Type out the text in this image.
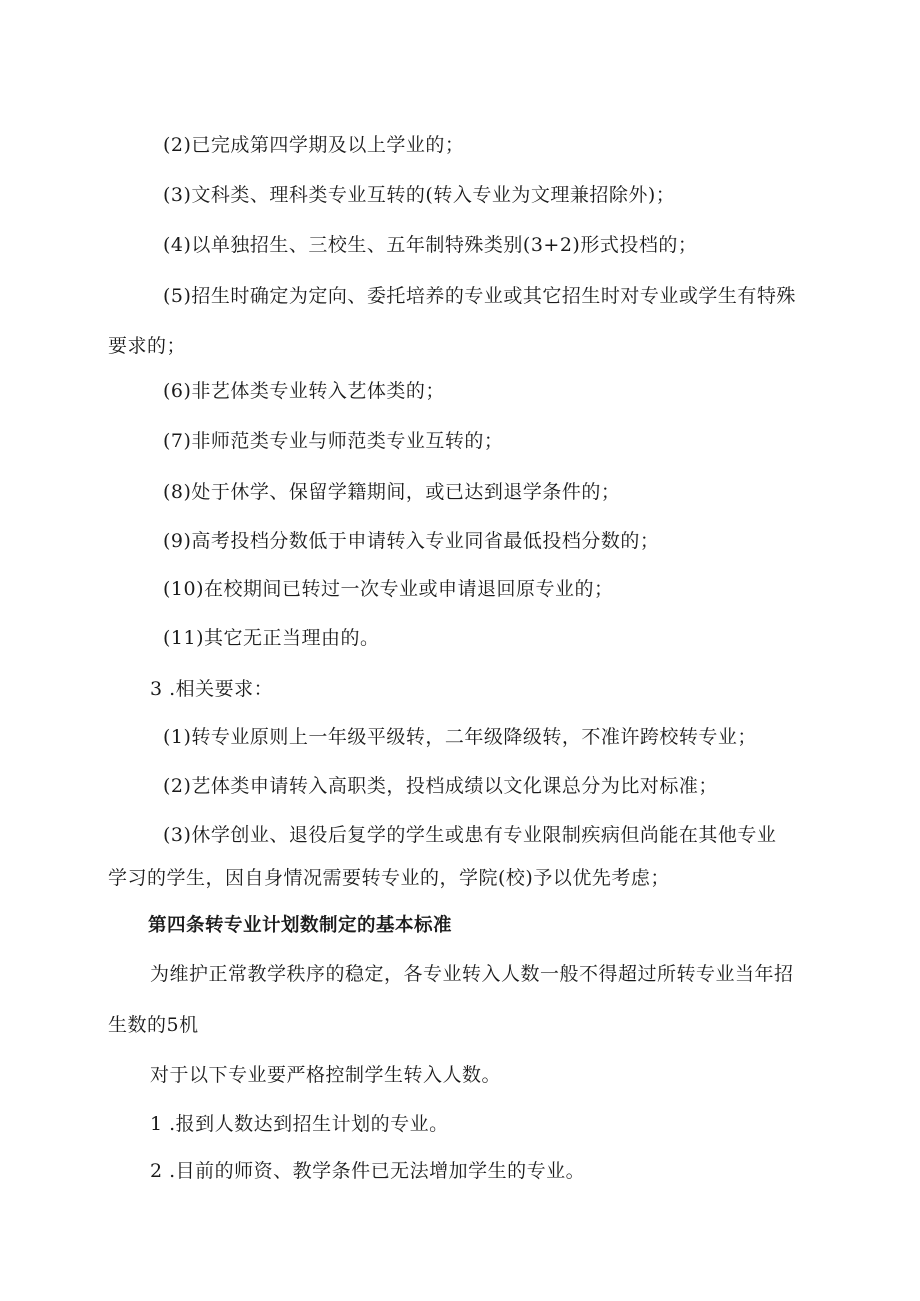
(2)已完成第四学期及以上学业的；
(3)文科类、理科类专业互转的(转入专业为文理兼招除外)；
(4)以单独招生、三校生、五年制特殊类别(3+2)形式投档的；
(5)招生时确定为定向、委托培养的专业或其它招生时对专业或学生有特殊
要求的；
(6)非艺体类专业转入艺体类的；
(7)非师范类专业与师范类专业互转的；
(8)处于休学、保留学籍期间，或已达到退学条件的；
(9)高考投档分数低于申请转入专业同省最低投档分数的；
(10)在校期间已转过一次专业或申请退回原专业的；
(11)其它无正当理由的。
3 .相关要求：
(1)转专业原则上一年级平级转，二年级降级转，不准许跨校转专业；
(2)艺体类申请转入高职类，投档成绩以文化课总分为比对标准；
(3)休学创业、退役后复学的学生或患有专业限制疾病但尚能在其他专业
学习的学生，因自身情况需要转专业的，学院(校)予以优先考虑；
第四条转专业计划数制定的基本标准
为维护正常教学秩序的稳定，各专业转入人数一般不得超过所转专业当年招
生数的5机
对于以下专业要严格控制学生转入人数。
1 .报到人数达到招生计划的专业。
2 .目前的师资、教学条件已无法增加学生的专业。
